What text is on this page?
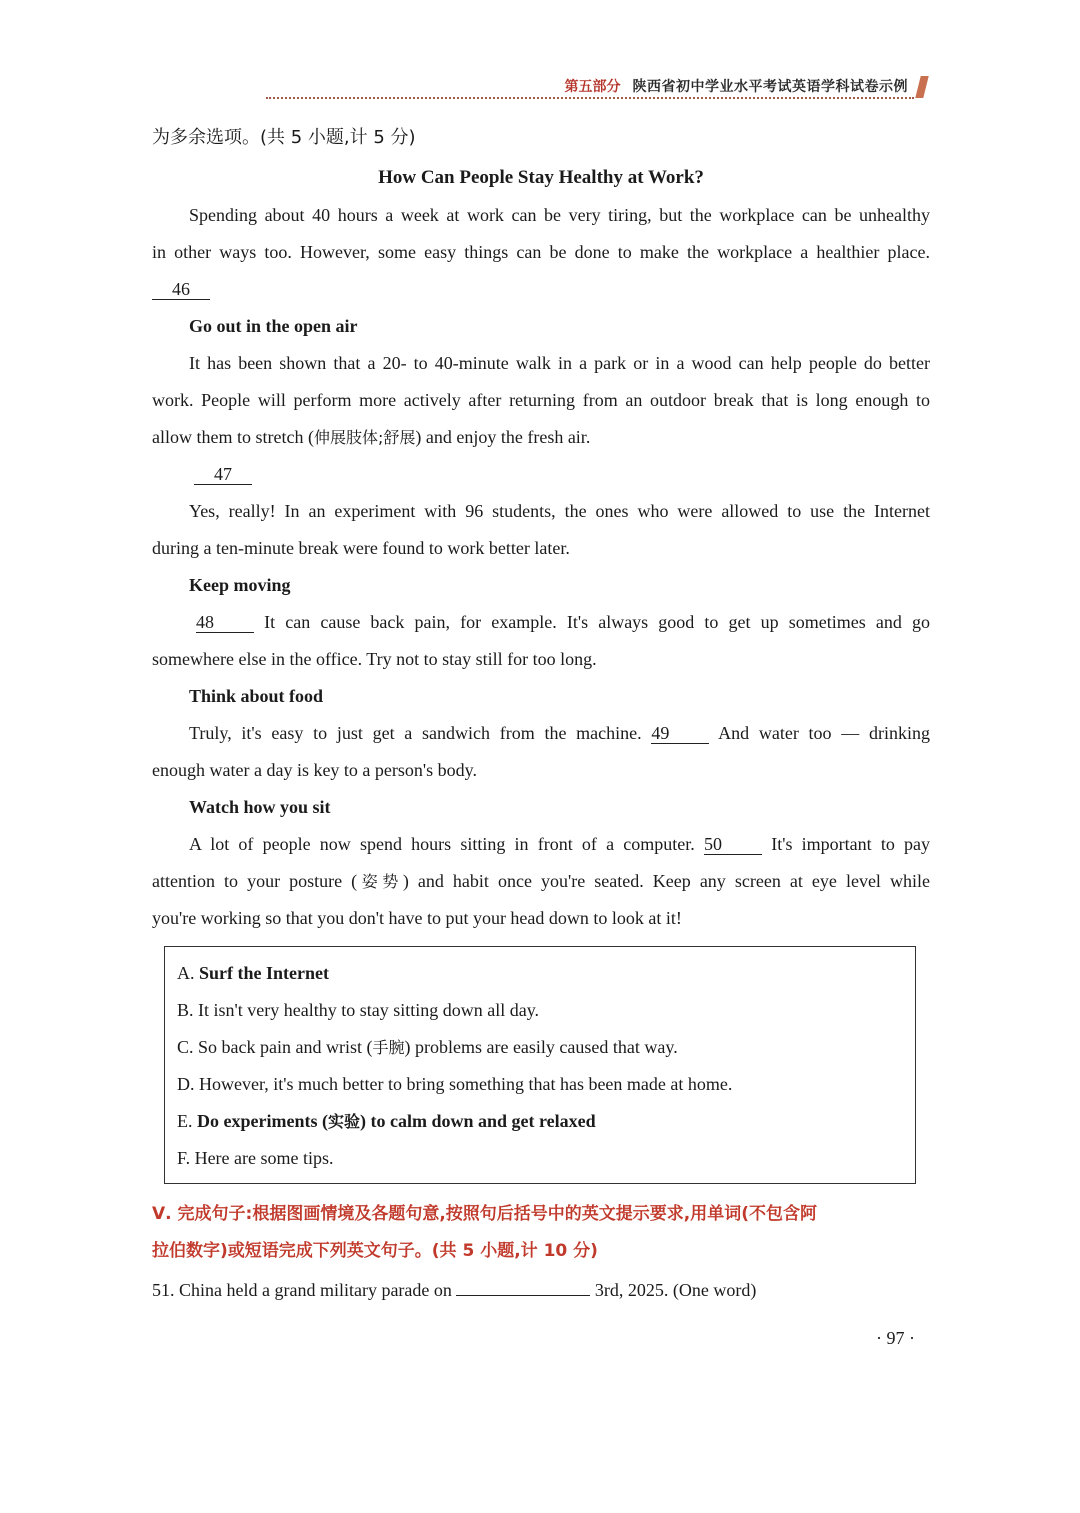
第五部分 陕西省初中学业水平考试英语学科试卷示例
为多余选项。(共 5 小题,计 5 分)
How Can People Stay Healthy at Work?
Spending about 40 hours a week at work can be very tiring, but the workplace can be unhealthy
in other ways too. However, some easy things can be done to make the workplace a healthier place.
46
Go out in the open air
It has been shown that a 20- to 40-minute walk in a park or in a wood can help people do better
work. People will perform more actively after returning from an outdoor break that is long enough to
allow them to stretch (伸展肢体;舒展) and enjoy the fresh air.
47
Yes, really! In an experiment with 96 students, the ones who were allowed to use the Internet
during a ten-minute break were found to work better later.
Keep moving
48	It can cause back pain, for example. It's always good to get up sometimes and go
somewhere else in the office. Try not to stay still for too long.
Think about food
Truly, it's easy to just get a sandwich from the machine. 49	And water too — drinking
enough water a day is key to a person's body.
Watch how you sit
A lot of people now spend hours sitting in front of a computer. 50	It's important to pay
attention to your posture (姿势) and habit once you're seated. Keep any screen at eye level while
you're working so that you don't have to put your head down to look at it!
A. Surf the Internet
B. It isn't very healthy to stay sitting down all day.
C. So back pain and wrist (手腕) problems are easily caused that way.
D. However, it's much better to bring something that has been made at home.
E. Do experiments (实验) to calm down and get relaxed
F. Here are some tips.
Ⅴ. 完成句子:根据图画情境及各题句意,按照句后括号中的英文提示要求,用单词(不包含阿
拉伯数字)或短语完成下列英文句子。(共 5 小题,计 10 分)
51. China held a grand military parade on	3rd, 2025. (One word)
· 97 ·
